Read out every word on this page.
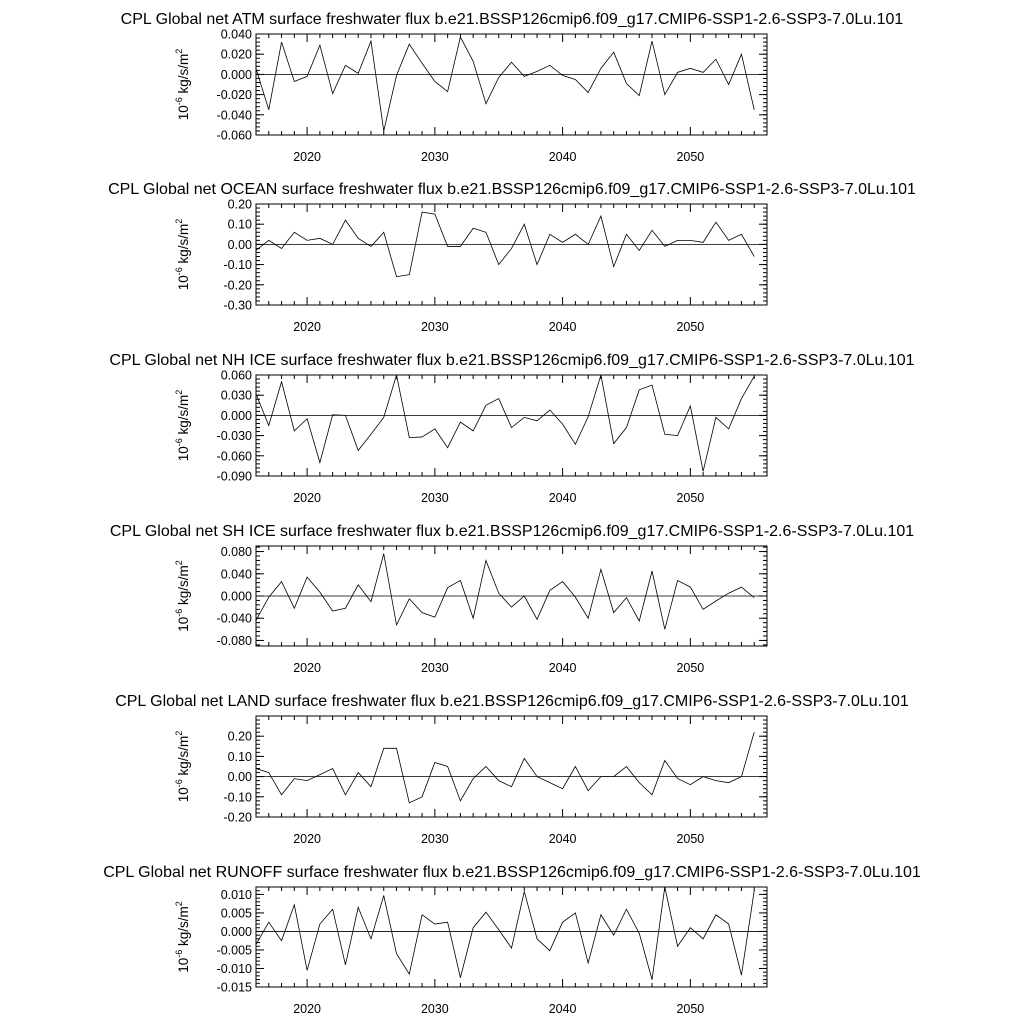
CPL Global net ATM surface freshwater flux b.e21.BSSP126cmip6.f09_g17.CMIP6-SSP1-2.6-SSP3-7.0Lu.101
-0.060
-0.040
-0.020
0.000
0.020
0.040
2020	2030	2040	2050
$10^{-6}$ $kg/s/m^2$
CPL Global net OCEAN surface freshwater flux b.e21.BSSP126cmip6.f09_g17.CMIP6-SSP1-2.6-SSP3-7.0Lu.101
-0.30
-0.20
-0.10
0.00
0.10
0.20
2020	2030	2040	2050
$10^{-6}$ $kg/s/m^2$
CPL Global net NH ICE surface freshwater flux b.e21.BSSP126cmip6.f09_g17.CMIP6-SSP1-2.6-SSP3-7.0Lu.101
-0.090
-0.060
-0.030
0.000
0.030
0.060
2020	2030	2040	2050
$10^{-6}$ $kg/s/m^2$
CPL Global net SH ICE surface freshwater flux b.e21.BSSP126cmip6.f09_g17.CMIP6-SSP1-2.6-SSP3-7.0Lu.101
-0.080
-0.040
0.000
0.040
0.080
2020	2030	2040	2050
$10^{-6}$ $kg/s/m^2$
CPL Global net LAND surface freshwater flux b.e21.BSSP126cmip6.f09_g17.CMIP6-SSP1-2.6-SSP3-7.0Lu.101
-0.20
-0.10
0.00
0.10
0.20
2020	2030	2040	2050
$10^{-6}$ $kg/s/m^2$
CPL Global net RUNOFF surface freshwater flux b.e21.BSSP126cmip6.f09_g17.CMIP6-SSP1-2.6-SSP3-7.0Lu.101
-0.015
-0.010
-0.005
0.000
0.005
0.010
2020	2030	2040	2050
$10^{-6}$ $kg/s/m^2$
